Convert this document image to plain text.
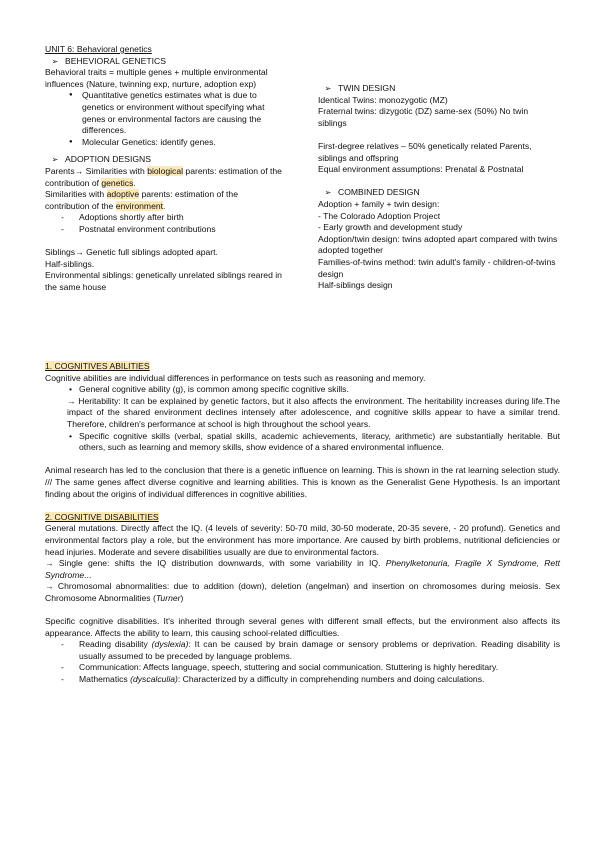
UNIT 6: Behavioral genetics

➢ BEHEVIORAL GENETICS

Behavioral traits = multiple genes + multiple environmental influences (Nature, twinning exp, nurture, adoption exp)

● Quantitative genetics estimates what is due to genetics or environment without specifying what genes or environmental factors are causing the differences.
● Molecular Genetics: identify genes.

➢ ADOPTION DESIGNS

Parents→ Similarities with biological parents: estimation of the contribution of genetics.

Similarities with adoptive parents: estimation of the contribution of the environment.

- Adoptions shortly after birth
- Postnatal environment contributions

Siblings→ Genetic full siblings adopted apart.

Half-siblings.

Environmental siblings: genetically unrelated siblings reared in the same house

➢ TWIN DESIGN

Identical Twins: monozygotic (MZ)

Fraternal twins: dizygotic (DZ) same-sex (50%) No twin siblings

First-degree relatives – 50% genetically related Parents, siblings and offspring

Equal environment assumptions: Prenatal & Postnatal

➢ COMBINED DESIGN

Adoption + family + twin design:

- The Colorado Adoption Project

- Early growth and development study

Adoption/twin design: twins adopted apart compared with twins adopted together

Families-of-twins method: twin adult's family - children-of-twins design

Half-siblings design

1. COGNITIVES ABILITIES

Cognitive abilities are individual differences in performance on tests such as reasoning and memory.

• General cognitive ability (g), is common among specific cognitive skills.

→ Heritability: It can be explained by genetic factors, but it also affects the environment. The heritability increases during life.The impact of the shared environment declines intensely after adolescence, and cognitive skills appear to have a similar trend. Therefore, children's performance at school is high throughout the school years.

• Specific cognitive skills (verbal, spatial skills, academic achievements, literacy, arithmetic) are substantially heritable. But others, such as learning and memory skills, show evidence of a shared environmental influence.

Animal research has led to the conclusion that there is a genetic influence on learning. This is shown in the rat learning selection study. /// The same genes affect diverse cognitive and learning abilities. This is known as the Generalist Gene Hypothesis. Is an important finding about the origins of individual differences in cognitive abilities.

2. COGNITIVE DISABILITIES

General mutations. Directly affect the IQ. (4 levels of severity: 50-70 mild, 30-50 moderate, 20-35 severe, - 20 profund). Genetics and environmental factors play a role, but the environment has more importance. Are caused by birth problems, nutritional deficiencies or head injuries. Moderate and severe disabilities usually are due to environmental factors.

→ Single gene: shifts the IQ distribution downwards, with some variability in IQ. Phenylketonuria, Fragile X Syndrome, Rett Syndrome...

→ Chromosomal abnormalities: due to addition (down), deletion (angelman) and insertion on chromosomes during meiosis. Sex Chromosome Abnormalities (Turner)

Specific cognitive disabilities. It's inherited through several genes with different small effects, but the environment also affects its appearance. Affects the ability to learn, this causing school-related difficulties.

- Reading disability (dyslexia): It can be caused by brain damage or sensory problems or deprivation. Reading disability is usually assumed to be preceded by language problems.
- Communication: Affects language, speech, stuttering and social communication. Stuttering is highly hereditary.
- Mathematics (dyscalculia): Characterized by a difficulty in comprehending numbers and doing calculations.
